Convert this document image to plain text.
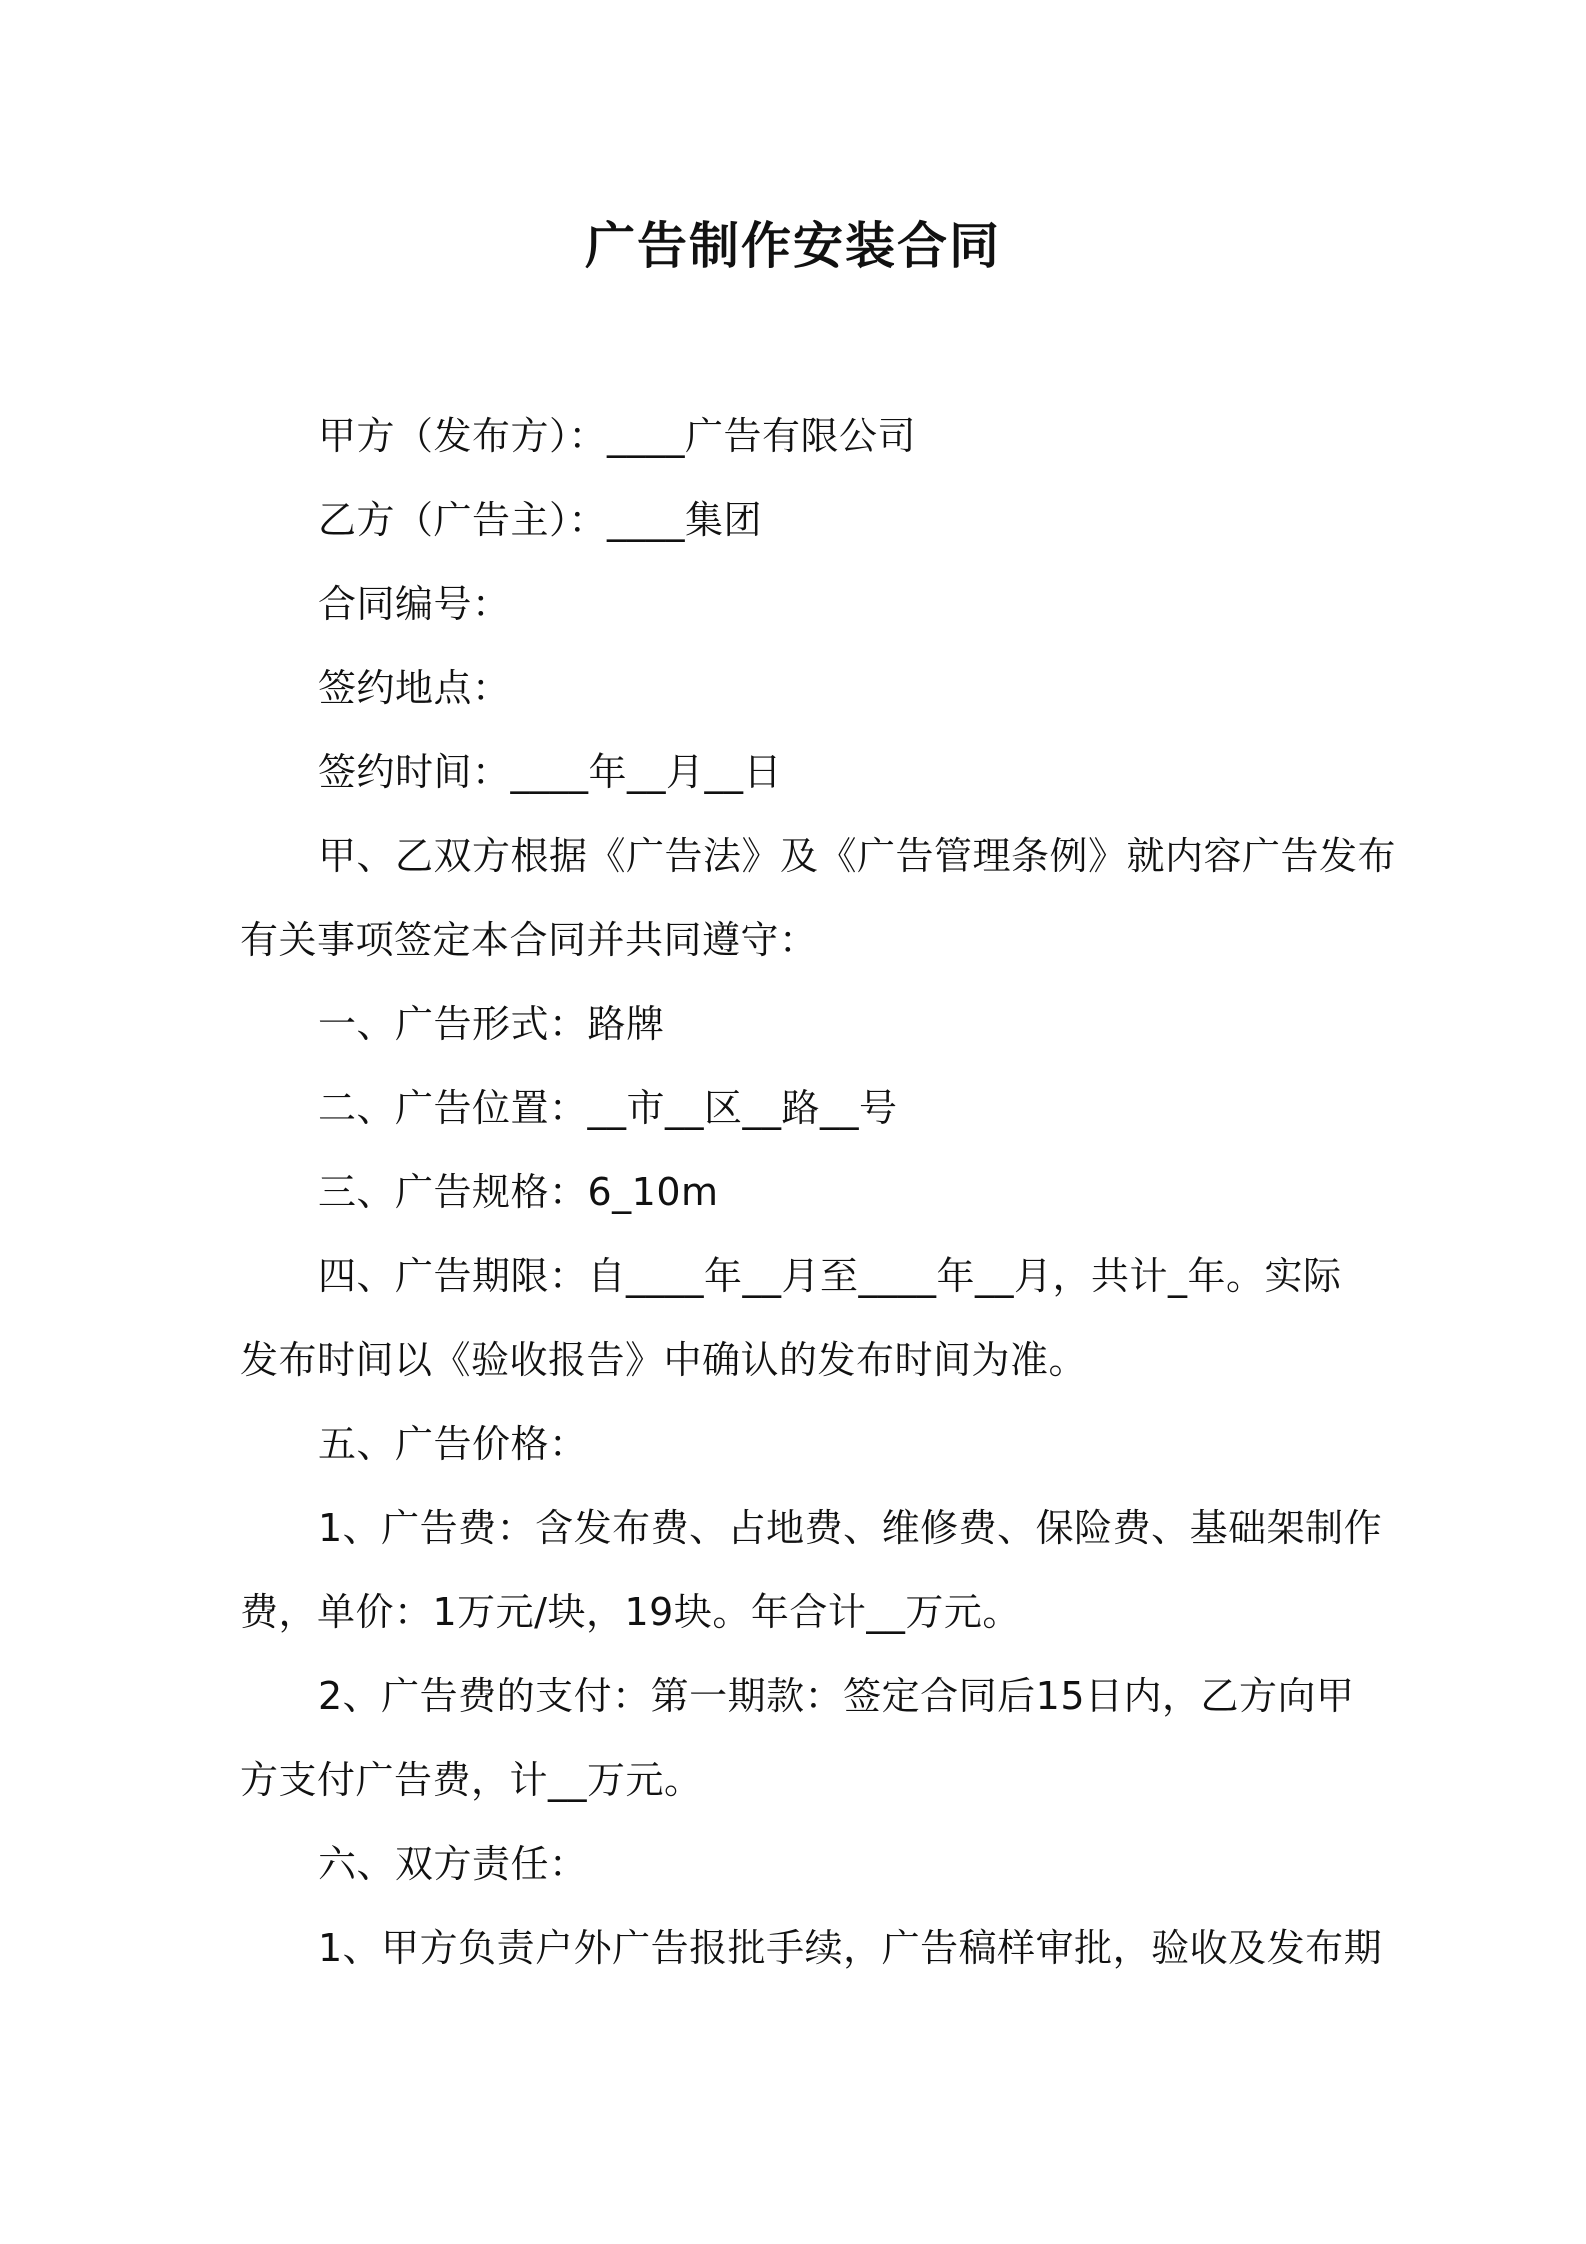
广告制作安装合同
甲方（发布方）：____广告有限公司
乙方（广告主）：____集团
合同编号：
签约地点：
签约时间：____年__月__日
甲、乙双方根据《广告法》及《广告管理条例》就内容广告发布
有关事项签定本合同并共同遵守：
一、广告形式：路牌
二、广告位置：__市__区__路__号
三、广告规格：6_10m
四、广告期限：自____年__月至____年__月，共计_年。实际
发布时间以《验收报告》中确认的发布时间为准。
五、广告价格：
1、广告费：含发布费、占地费、维修费、保险费、基础架制作
费，单价：1万元/块，19块。年合计__万元。
2、广告费的支付：第一期款：签定合同后15日内，乙方向甲
方支付广告费，计__万元。
六、双方责任：
1、甲方负责户外广告报批手续，广告稿样审批，验收及发布期
